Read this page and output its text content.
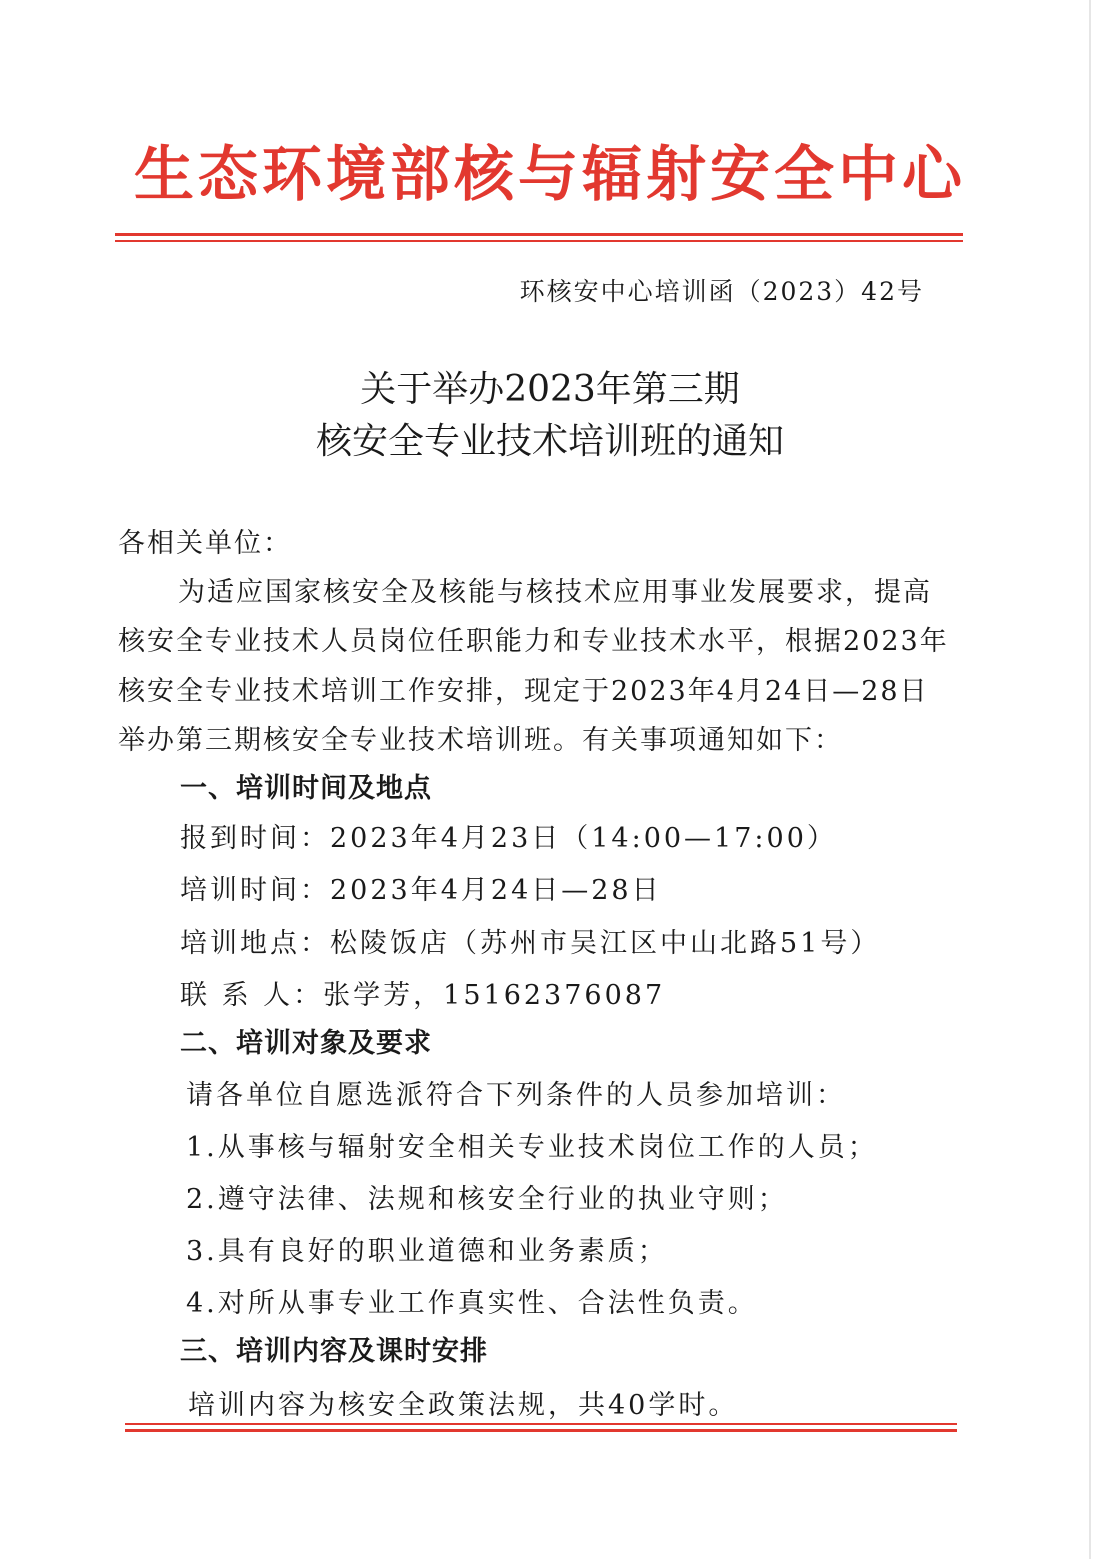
生态环境部核与辐射安全中心
环核安中心培训函（2023）42号
关于举办2023年第三期
核安全专业技术培训班的通知
各相关单位：
为适应国家核安全及核能与核技术应用事业发展要求，提高
核安全专业技术人员岗位任职能力和专业技术水平，根据2023年
核安全专业技术培训工作安排，现定于2023年4月24日—28日
举办第三期核安全专业技术培训班。有关事项通知如下：
一、培训时间及地点
报到时间：2023年4月23日（14:00—17:00）
培训时间：2023年4月24日—28日
培训地点：松陵饭店（苏州市吴江区中山北路51号）
联 系 人：张学芳，15162376087
二、培训对象及要求
请各单位自愿选派符合下列条件的人员参加培训：
1.从事核与辐射安全相关专业技术岗位工作的人员；
2.遵守法律、法规和核安全行业的执业守则；
3.具有良好的职业道德和业务素质；
4.对所从事专业工作真实性、合法性负责。
三、培训内容及课时安排
培训内容为核安全政策法规，共40学时。
